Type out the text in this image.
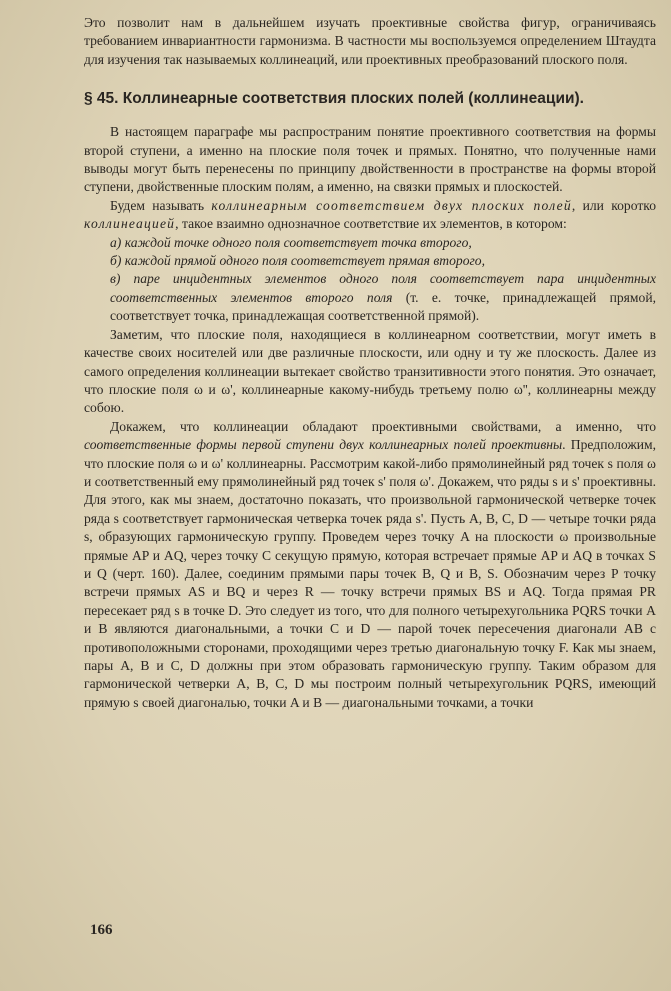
Это позволит нам в дальнейшем изучать проективные свойства фигур, ограничиваясь требованием инвариантности гармонизма. В частности мы воспользуемся определением Штаудта для изучения так называемых коллинеаций, или проективных преобразований плоского поля.

§ 45. Коллинеарные соответствия плоских полей (коллинеации).

В настоящем параграфе мы распространим понятие проективного соответствия на формы второй ступени, а именно на плоские поля точек и прямых. Понятно, что полученные нами выводы могут быть перенесены по принципу двойственности в пространстве на формы второй ступени, двойственные плоским полям, а именно, на связки прямых и плоскостей.

Будем называть коллинеарным соответствием двух плоских полей, или коротко коллинеацией, такое взаимно однозначное соответствие их элементов, в котором:

а) каждой точке одного поля соответствует точка второго,

б) каждой прямой одного поля соответствует прямая второго,

в) паре инцидентных элементов одного поля соответствует пара инцидентных соответственных элементов второго поля (т. е. точке, принадлежащей прямой, соответствует точка, принадлежащая соответственной прямой).

Заметим, что плоские поля, находящиеся в коллинеарном соответствии, могут иметь в качестве своих носителей или две различные плоскости, или одну и ту же плоскость. Далее из самого определения коллинеации вытекает свойство транзитивности этого понятия. Это означает, что плоские поля ω и ω', коллинеарные какому-нибудь третьему полю ω'', коллинеарны между собою.

Докажем, что коллинеации обладают проективными свойствами, а именно, что соответственные формы первой ступени двух коллинеарных полей проективны. Предположим, что плоские поля ω и ω' коллинеарны. Рассмотрим какой-либо прямолинейный ряд точек s поля ω и соответственный ему прямолинейный ряд точек s' поля ω'. Докажем, что ряды s и s' проективны. Для этого, как мы знаем, достаточно показать, что произвольной гармонической четверке точек ряда s соответствует гармоническая четверка точек ряда s'. Пусть A, B, C, D — четыре точки ряда s, образующих гармоническую группу. Проведем через точку A на плоскости ω произвольные прямые AP и AQ, через точку C секущую прямую, которая встречает прямые AP и AQ в точках S и Q (черт. 160). Далее, соединим прямыми пары точек B, Q и B, S. Обозначим через P точку встречи прямых AS и BQ и через R — точку встречи прямых BS и AQ. Тогда прямая PR пересекает ряд s в точке D. Это следует из того, что для полного четырехугольника PQRS точки A и B являются диагональными, а точки C и D — парой точек пересечения диагонали AB с противоположными сторонами, проходящими через третью диагональную точку F. Как мы знаем, пары A, B и C, D должны при этом образовать гармоническую группу. Таким образом для гармонической четверки A, B, C, D мы построим полный четырехугольник PQRS, имеющий прямую s своей диагональю, точки A и B — диагональными точками, а точки

166
